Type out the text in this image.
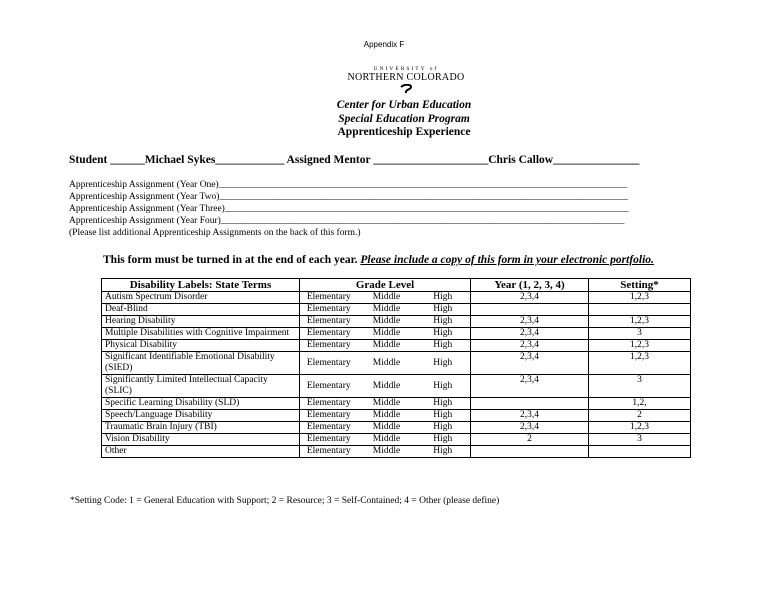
Appendix F
UNIVERSITY of
NORTHERN COLORADO
Center for Urban Education
Special Education Program
Apprenticeship Experience
Student ______Michael Sykes____________ Assigned Mentor ____________________Chris Callow_______________
Apprenticeship Assignment (Year One)______________________________________________________________________________________
Apprenticeship Assignment (Year Two)______________________________________________________________________________________
Apprenticeship Assignment (Year Three)_____________________________________________________________________________________
Apprenticeship Assignment (Year Four)_____________________________________________________________________________________
(Please list additional Apprenticeship Assignments on the back of this form.)
This form must be turned in at the end of each year. Please include a copy of this form in your electronic portfolio.
Disability Labels: State Terms	Grade Level			Year (1, 2, 3, 4)	Setting*
Autism Spectrum Disorder	Elementary	Middle	High	2,3,4	1,2,3
Deaf-Blind	Elementary	Middle	High		
Hearing Disability	Elementary	Middle	High	2,3,4	1,2,3
Multiple Disabilities with Cognitive Impairment	Elementary	Middle	High	2,3,4	3
Physical Disability	Elementary	Middle	High	2,3,4	1,2,3
Significant Identifiable Emotional Disability (SIED)	Elementary	Middle	High	2,3,4	1,2,3
Significantly Limited Intellectual Capacity (SLIC)	Elementary	Middle	High	2,3,4	3
Specific Learning Disability (SLD)	Elementary	Middle	High		1,2,
Speech/Language Disability	Elementary	Middle	High	2,3,4	2
Traumatic Brain Injury (TBI)	Elementary	Middle	High	2,3,4	1,2,3
Vision Disability	Elementary	Middle	High	2	3
Other	Elementary	Middle	High		
*Setting Code: 1 = General Education with Support; 2 = Resource; 3 = Self-Contained; 4 = Other (please define)
